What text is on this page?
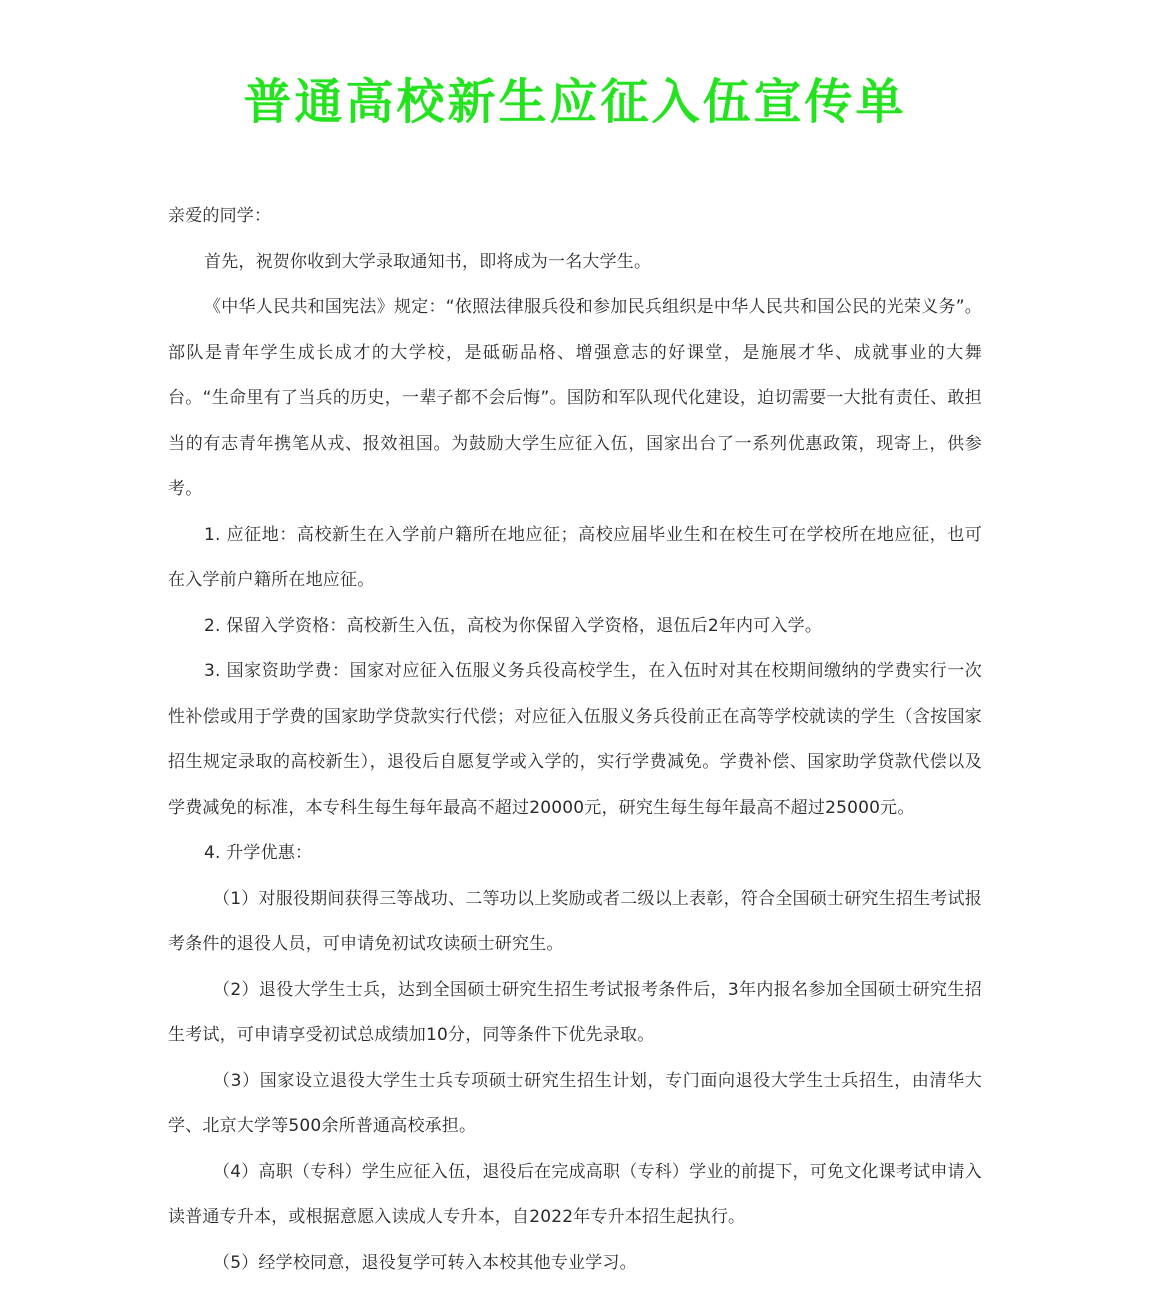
普通高校新生应征入伍宣传单

亲爱的同学：

首先，祝贺你收到大学录取通知书，即将成为一名大学生。

《中华人民共和国宪法》规定：“依照法律服兵役和参加民兵组织是中华人民共和国公民的光荣义务”。部队是青年学生成长成才的大学校，是砥砺品格、增强意志的好课堂，是施展才华、成就事业的大舞台。“生命里有了当兵的历史，一辈子都不会后悔”。国防和军队现代化建设，迫切需要一大批有责任、敢担当的有志青年携笔从戎、报效祖国。为鼓励大学生应征入伍，国家出台了一系列优惠政策，现寄上，供参考。

1. 应征地：高校新生在入学前户籍所在地应征；高校应届毕业生和在校生可在学校所在地应征，也可在入学前户籍所在地应征。

2. 保留入学资格：高校新生入伍，高校为你保留入学资格，退伍后2年内可入学。

3. 国家资助学费：国家对应征入伍服义务兵役高校学生，在入伍时对其在校期间缴纳的学费实行一次性补偿或用于学费的国家助学贷款实行代偿；对应征入伍服义务兵役前正在高等学校就读的学生（含按国家招生规定录取的高校新生），退役后自愿复学或入学的，实行学费减免。学费补偿、国家助学贷款代偿以及学费减免的标准，本专科生每生每年最高不超过20000元，研究生每生每年最高不超过25000元。

4. 升学优惠：

（1）对服役期间获得三等战功、二等功以上奖励或者二级以上表彰，符合全国硕士研究生招生考试报考条件的退役人员，可申请免初试攻读硕士研究生。

（2）退役大学生士兵，达到全国硕士研究生招生考试报考条件后，3年内报名参加全国硕士研究生招生考试，可申请享受初试总成绩加10分，同等条件下优先录取。

（3）国家设立退役大学生士兵专项硕士研究生招生计划，专门面向退役大学生士兵招生，由清华大学、北京大学等500余所普通高校承担。

（4）高职（专科）学生应征入伍，退役后在完成高职（专科）学业的前提下，可免文化课考试申请入读普通专升本，或根据意愿入读成人专升本，自2022年专升本招生起执行。

（5）经学校同意，退役复学可转入本校其他专业学习。
